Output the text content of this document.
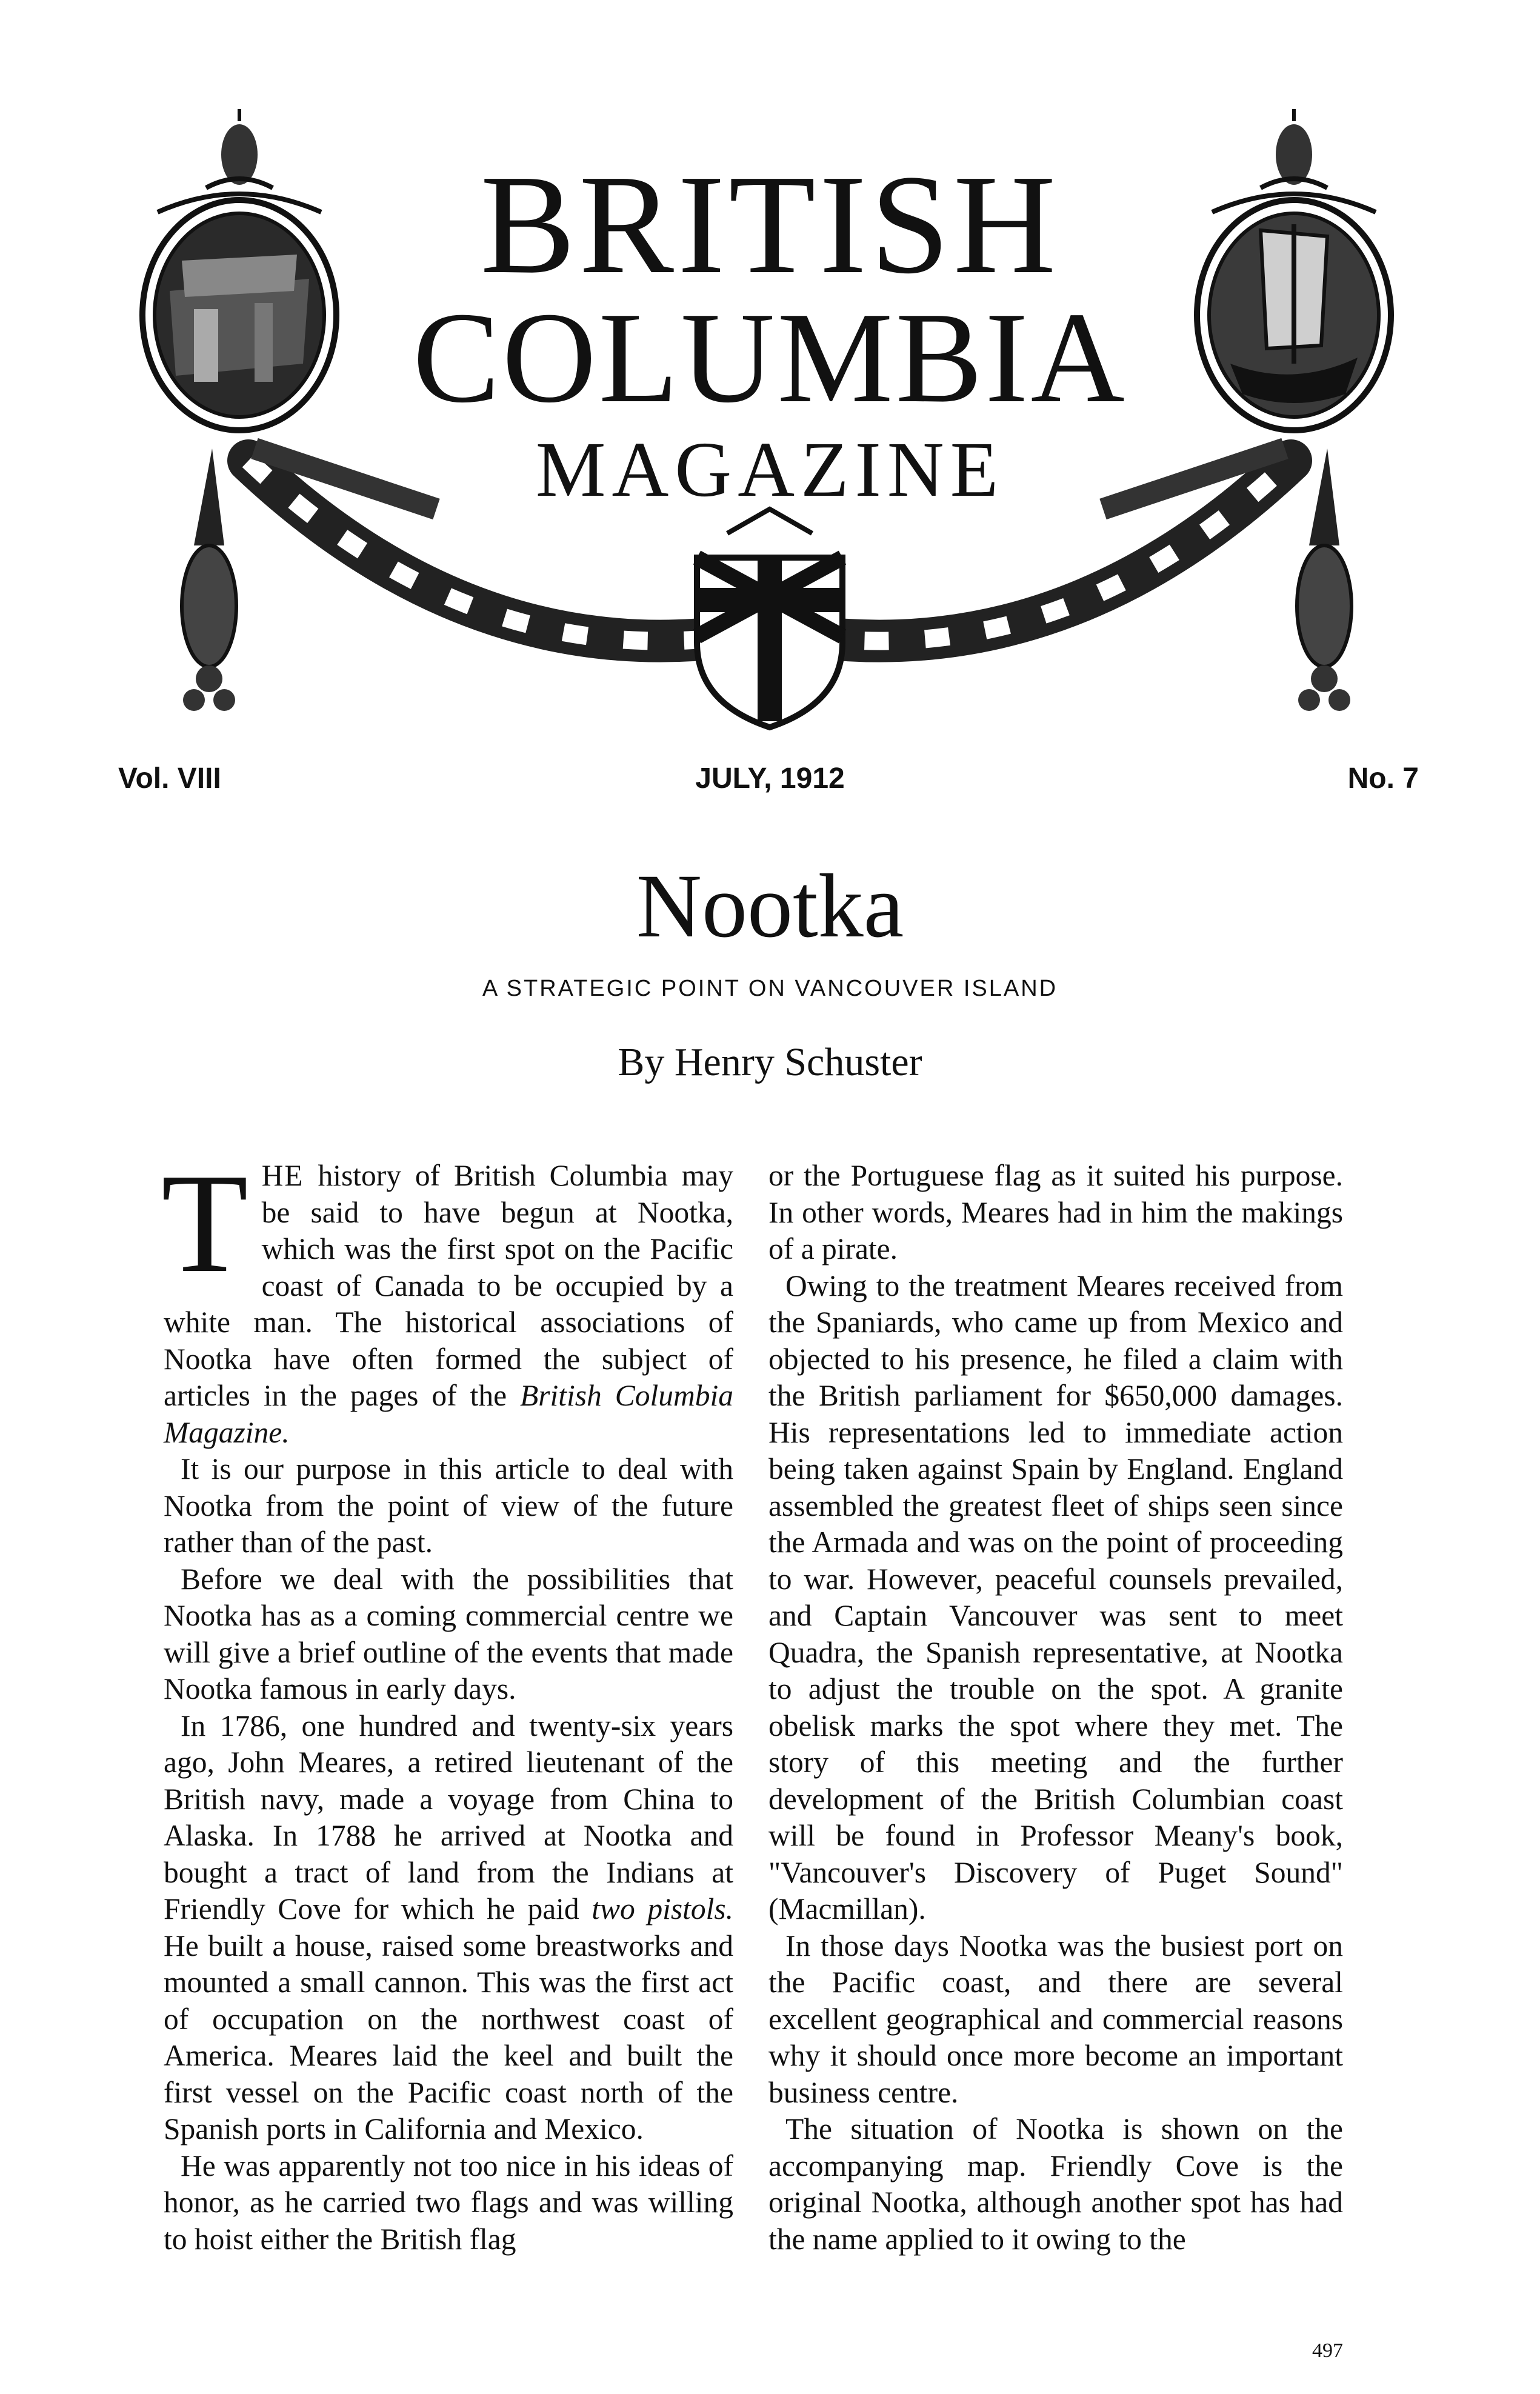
BRITISH
COLUMBIA
MAGAZINE
Vol. VIII	JULY, 1912	No. 7
Nootka
A STRATEGIC POINT ON VANCOUVER ISLAND
By Henry Schuster

THE history of British Columbia may be said to have begun at Nootka, which was the first spot on the Pacific coast of Canada to be occupied by a white man. The historical associations of Nootka have often formed the subject of articles in the pages of the British Columbia Magazine.

It is our purpose in this article to deal with Nootka from the point of view of the future rather than of the past.

Before we deal with the possibilities that Nootka has as a coming commercial centre we will give a brief outline of the events that made Nootka famous in early days.

In 1786, one hundred and twenty-six years ago, John Meares, a retired lieutenant of the British navy, made a voyage from China to Alaska. In 1788 he arrived at Nootka and bought a tract of land from the Indians at Friendly Cove for which he paid two pistols. He built a house, raised some breastworks and mounted a small cannon. This was the first act of occupation on the northwest coast of America. Meares laid the keel and built the first vessel on the Pacific coast north of the Spanish ports in California and Mexico.

He was apparently not too nice in his ideas of honor, as he carried two flags and was willing to hoist either the British flag

or the Portuguese flag as it suited his purpose. In other words, Meares had in him the makings of a pirate.

Owing to the treatment Meares received from the Spaniards, who came up from Mexico and objected to his presence, he filed a claim with the British parliament for $650,000 damages. His representations led to immediate action being taken against Spain by England. England assembled the greatest fleet of ships seen since the Armada and was on the point of proceeding to war. However, peaceful counsels prevailed, and Captain Vancouver was sent to meet Quadra, the Spanish representative, at Nootka to adjust the trouble on the spot. A granite obelisk marks the spot where they met. The story of this meeting and the further development of the British Columbian coast will be found in Professor Meany's book, "Vancouver's Discovery of Puget Sound" (Macmillan).

In those days Nootka was the busiest port on the Pacific coast, and there are several excellent geographical and commercial reasons why it should once more become an important business centre.

The situation of Nootka is shown on the accompanying map. Friendly Cove is the original Nootka, although another spot has had the name applied to it owing to the

497
